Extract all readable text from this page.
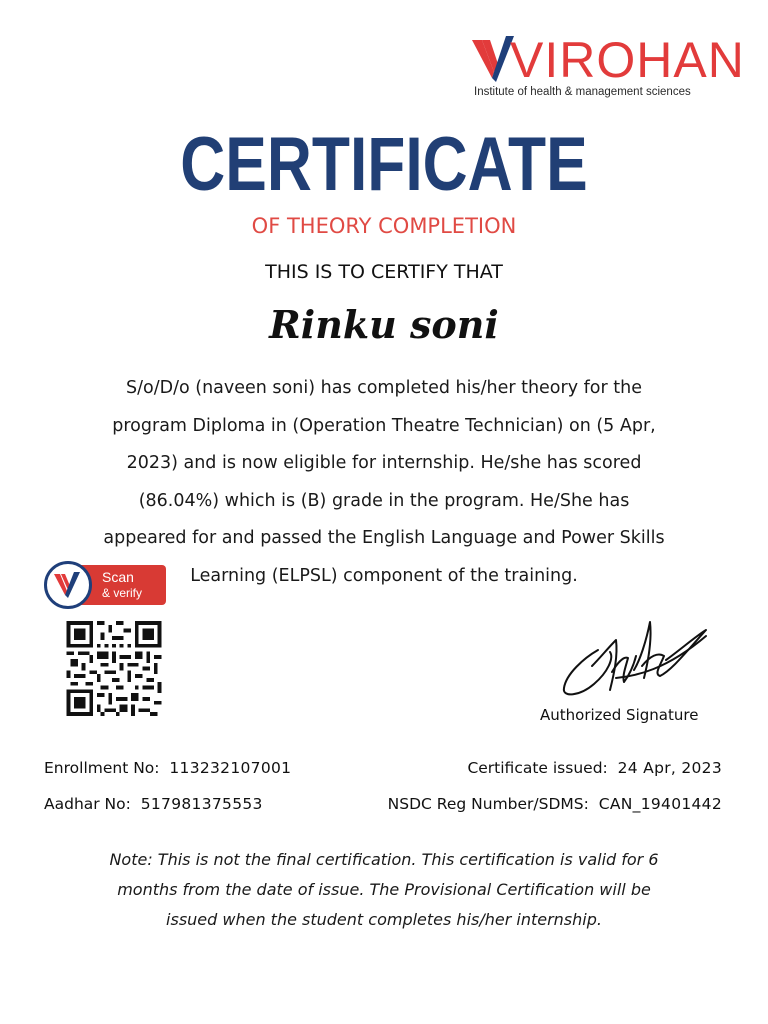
VIROHAN
Institute of health & management sciences
CERTIFICATE
OF THEORY COMPLETION
THIS IS TO CERTIFY THAT
Rinku soni
S/o/D/o (naveen soni) has completed his/her theory for the program Diploma in (Operation Theatre Technician) on (5 Apr, 2023) and is now eligible for internship. He/she has scored (86.04%) which is (B) grade in the program. He/She has appeared for and passed the English Language and Power Skills Learning (ELPSL) component of the training.
Scan
& verify
Authorized Signature
Enrollment No: 113232107001
Aadhar No: 517981375553
Certificate issued: 24 Apr, 2023
NSDC Reg Number/SDMS: CAN_19401442
Note: This is not the final certification. This certification is valid for 6 months from the date of issue. The Provisional Certification will be issued when the student completes his/her internship.
